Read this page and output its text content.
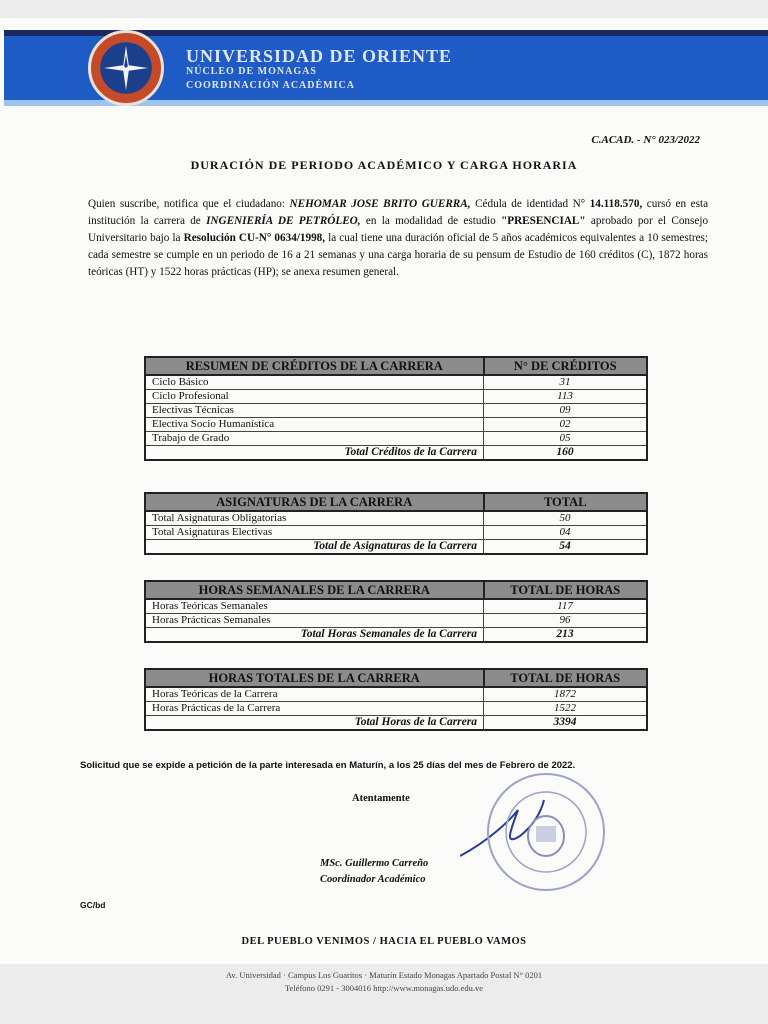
UNIVERSIDAD DE ORIENTE
NÚCLEO DE MONAGAS
COORDINACIÓN ACADÉMICA
C.ACAD. - N° 023/2022
DURACIÓN DE PERIODO ACADÉMICO Y CARGA HORARIA
Quien suscribe, notifica que el ciudadano: NEHOMAR JOSE BRITO GUERRA, Cédula de identidad N° 14.118.570, cursó en esta institución la carrera de INGENIERÍA DE PETRÓLEO, en la modalidad de estudio "PRESENCIAL" aprobado por el Consejo Universitario bajo la Resolución CU-N° 0634/1998, la cual tiene una duración oficial de 5 años académicos equivalentes a 10 semestres; cada semestre se cumple en un periodo de 16 a 21 semanas y una carga horaria de su pensum de Estudio de 160 créditos (C), 1872 horas teóricas (HT) y 1522 horas prácticas (HP); se anexa resumen general.
RESUMEN DE CRÉDITOS DE LA CARRERA	N° DE CRÉDITOS
Ciclo Básico	31
Ciclo Profesional	113
Electivas Técnicas	09
Electiva Socio Humanística	02
Trabajo de Grado	05
Total Créditos de la Carrera	160
ASIGNATURAS DE LA CARRERA	TOTAL
Total Asignaturas Obligatorias	50
Total Asignaturas Electivas	04
Total de Asignaturas de la Carrera	54
HORAS SEMANALES DE LA CARRERA	TOTAL DE HORAS
Horas Teóricas Semanales	117
Horas Prácticas Semanales	96
Total Horas Semanales de la Carrera	213
HORAS TOTALES DE LA CARRERA	TOTAL DE HORAS
Horas Teóricas de la Carrera	1872
Horas Prácticas de la Carrera	1522
Total Horas de la Carrera	3394
Solicitud que se expide a petición de la parte interesada en Maturín, a los 25 días del mes de Febrero de 2022.
Atentamente
MSc. Guillermo Carreño
Coordinador Académico
GC/bd
DEL PUEBLO VENIMOS / HACIA EL PUEBLO VAMOS
Av. Universidad · Campus Los Guaritos · Maturín Estado Monagas Apartado Postal N° 0201
Teléfono 0291 - 3004016 http://www.monagas.udo.edu.ve
